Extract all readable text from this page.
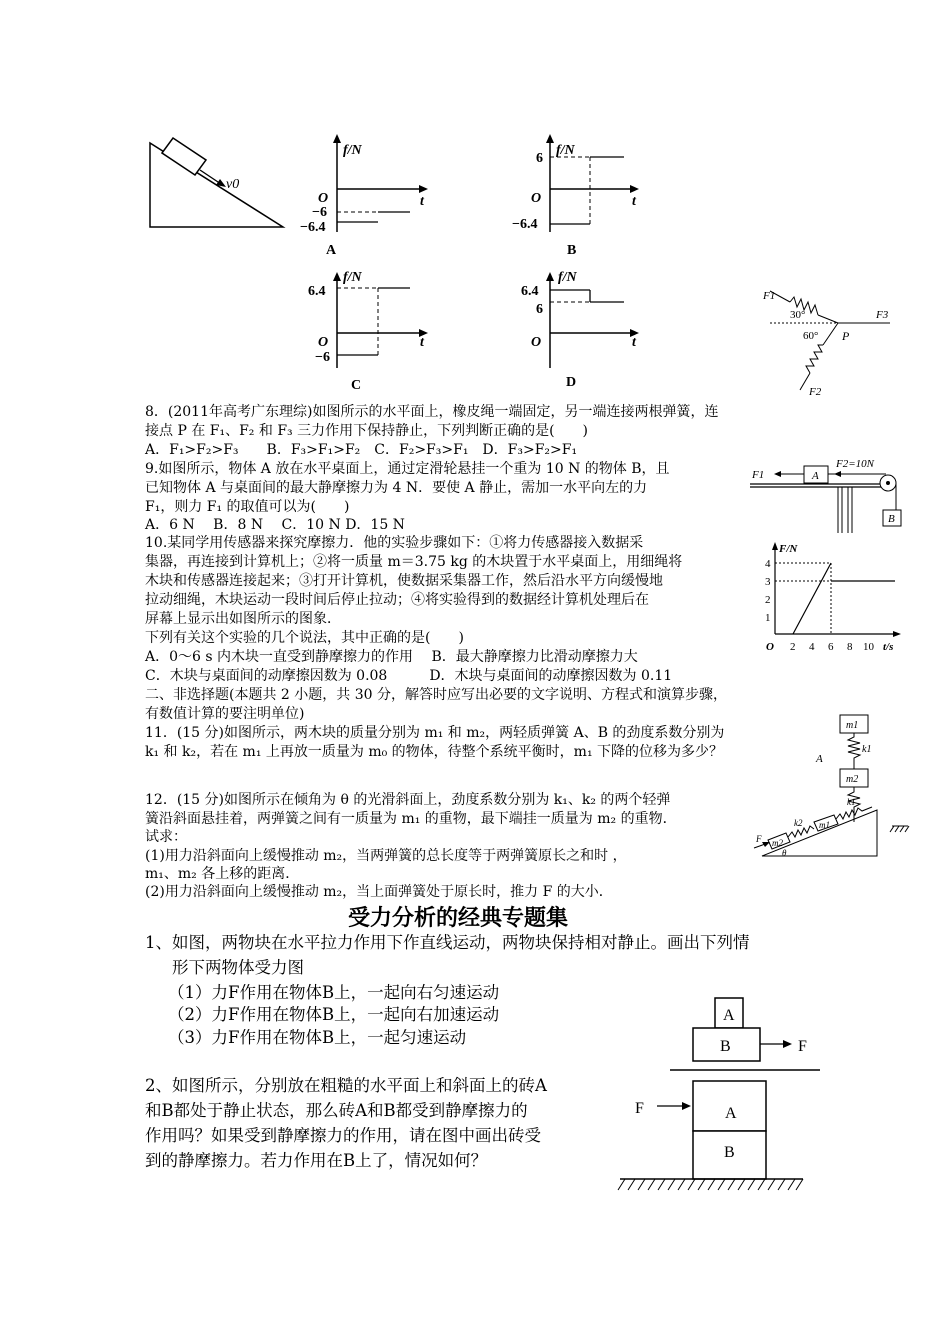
v0
f/N
t
O
−6
−6.4
A
f/N
t
O
6
−6.4
B
f/N
t
O
6.4
−6
C
f/N
t
O
6.4
6
D
F1
F3
F2
30°
60° P
8．(2011年高考广东理综)如图所示的水平面上，橡皮绳一端固定，另一端连接两根弹簧，连
接点 P 在 F₁、F₂ 和 F₃ 三力作用下保持静止，下列判断正确的是(　　)
A．F₁>F₂>F₃　　B．F₃>F₁>F₂　C．F₂>F₃>F₁　D．F₃>F₂>F₁
9.如图所示，物体 A 放在水平桌面上，通过定滑轮悬挂一个重为 10 N 的物体 B，且
已知物体 A 与桌面间的最大静摩擦力为 4 N．要使 A 静止，需加一水平向左的力
F₁，则力 F₁ 的取值可以为(　　)
A．6 N　 B．8 N　 C．10 N D．15 N
A
F1
F2=10N
B
10.某同学用传感器来探究摩擦力．他的实验步骤如下：①将力传感器接入数据采
集器，再连接到计算机上；②将一质量 m＝3.75 kg 的木块置于水平桌面上，用细绳将
木块和传感器连接起来；③打开计算机，使数据采集器工作，然后沿水平方向缓慢地
拉动细绳，木块运动一段时间后停止拉动；④将实验得到的数据经计算机处理后在
屏幕上显示出如图所示的图象．
下列有关这个实验的几个说法，其中正确的是(　　)
A．0～6 s 内木块一直受到静摩擦力的作用　 B．最大静摩擦力比滑动摩擦力大
C．木块与桌面间的动摩擦因数为 0.08　　　D．木块与桌面间的动摩擦因数为 0.11
F/N
t/s
O
4
3
2
1
2 4 6 8 10
二、非选择题(本题共 2 小题，共 30 分，解答时应写出必要的文字说明、方程式和演算步骤，
有数值计算的要注明单位)
11．(15 分)如图所示，两木块的质量分别为 m₁ 和 m₂，两轻质弹簧 A、B 的劲度系数分别为
k₁ 和 k₂，若在 m₁ 上再放一质量为 m₀ 的物体，待整个系统平衡时，m₁ 下降的位移为多少？
m1
k1
A
m2
12．(15 分)如图所示在倾角为 θ 的光滑斜面上，劲度系数分别为 k₁、k₂ 的两个轻弹
簧沿斜面悬挂着，两弹簧之间有一质量为 m₁ 的重物，最下端挂一质量为 m₂ 的重物．
试求：
(1)用力沿斜面向上缓慢推动 m₂，当两弹簧的总长度等于两弹簧原长之和时 ，
m₁、m₂ 各上移的距离．
(2)用力沿斜面向上缓慢推动 m₂，当上面弹簧处于原长时，推力 F 的大小．
m2
k2 m1
k1
F
θ
受力分析的经典专题集
1、如图，两物块在水平拉力作用下作直线运动，两物块保持相对静止。画出下列情
形下两物体受力图
（1）力F作用在物体B上，一起向右匀速运动
（2）力F作用在物体B上，一起向右加速运动
（3）力F作用在物体B上，一起匀速运动
A
B	F
2、如图所示，分别放在粗糙的水平面上和斜面上的砖A
和B都处于静止状态，那么砖A和B都受到静摩擦力的
作用吗？如果受到静摩擦力的作用，请在图中画出砖受
到的静摩擦力。若力作用在B上了，情况如何？
A
B
F
